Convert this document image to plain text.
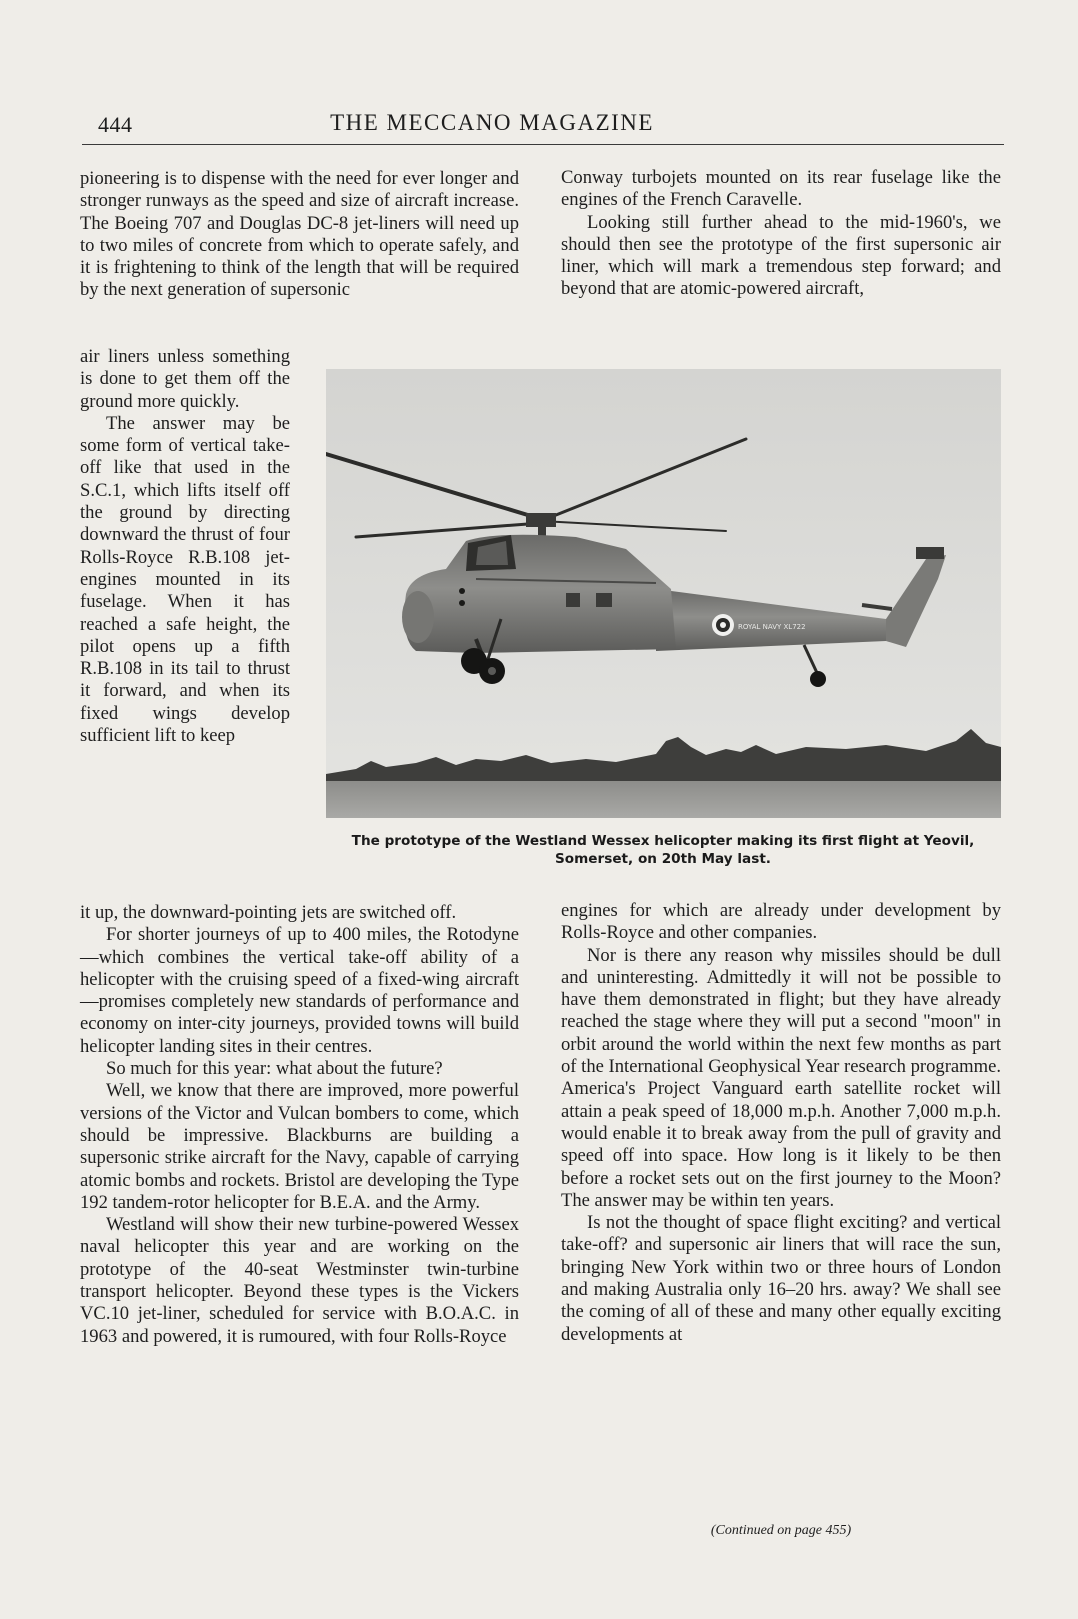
444	THE MECCANO MAGAZINE

pioneering is to dispense with the need for ever longer and stronger runways as the speed and size of aircraft increase. The Boeing 707 and Douglas DC-8 jet-liners will need up to two miles of concrete from which to operate safely, and it is frightening to think of the length that will be required by the next generation of supersonic

air liners unless something is done to get them off the ground more quickly.

The answer may be some form of vertical take-off like that used in the S.C.1, which lifts itself off the ground by directing downward the thrust of four Rolls-Royce R.B.108 jet-engines mounted in its fuselage. When it has reached a safe height, the pilot opens up a fifth R.B.108 in its tail to thrust it forward, and when its fixed wings develop sufficient lift to keep

it up, the downward-pointing jets are switched off.

For shorter journeys of up to 400 miles, the Rotodyne—which combines the vertical take-off ability of a helicopter with the cruising speed of a fixed-wing aircraft—promises completely new standards of performance and economy on inter-city journeys, provided towns will build helicopter landing sites in their centres.

So much for this year: what about the future?

Well, we know that there are improved, more powerful versions of the Victor and Vulcan bombers to come, which should be impressive. Blackburns are building a supersonic strike aircraft for the Navy, capable of carrying atomic bombs and rockets. Bristol are developing the Type 192 tandem-rotor helicopter for B.E.A. and the Army.

Westland will show their new turbine-powered Wessex naval helicopter this year and are working on the prototype of the 40-seat Westminster twin-turbine transport helicopter. Beyond these types is the Vickers VC.10 jet-liner, scheduled for service with B.O.A.C. in 1963 and powered, it is rumoured, with four Rolls-Royce

Conway turbojets mounted on its rear fuselage like the engines of the French Caravelle.

Looking still further ahead to the mid-1960's, we should then see the prototype of the first supersonic air liner, which will mark a tremendous step forward; and beyond that are atomic-powered aircraft,

ROYAL NAVY XL722
The prototype of the Westland Wessex helicopter making its first flight at Yeovil,
Somerset, on 20th May last.

engines for which are already under development by Rolls-Royce and other companies.

Nor is there any reason why missiles should be dull and uninteresting. Admittedly it will not be possible to have them demonstrated in flight; but they have already reached the stage where they will put a second "moon" in orbit around the world within the next few months as part of the International Geophysical Year research programme. America's Project Vanguard earth satellite rocket will attain a peak speed of 18,000 m.p.h. Another 7,000 m.p.h. would enable it to break away from the pull of gravity and speed off into space. How long is it likely to be then before a rocket sets out on the first journey to the Moon? The answer may be within ten years.

Is not the thought of space flight exciting? and vertical take-off? and supersonic air liners that will race the sun, bringing New York within two or three hours of London and making Australia only 16–20 hrs. away? We shall see the coming of all of these and many other equally exciting developments at

(Continued on page 455)
